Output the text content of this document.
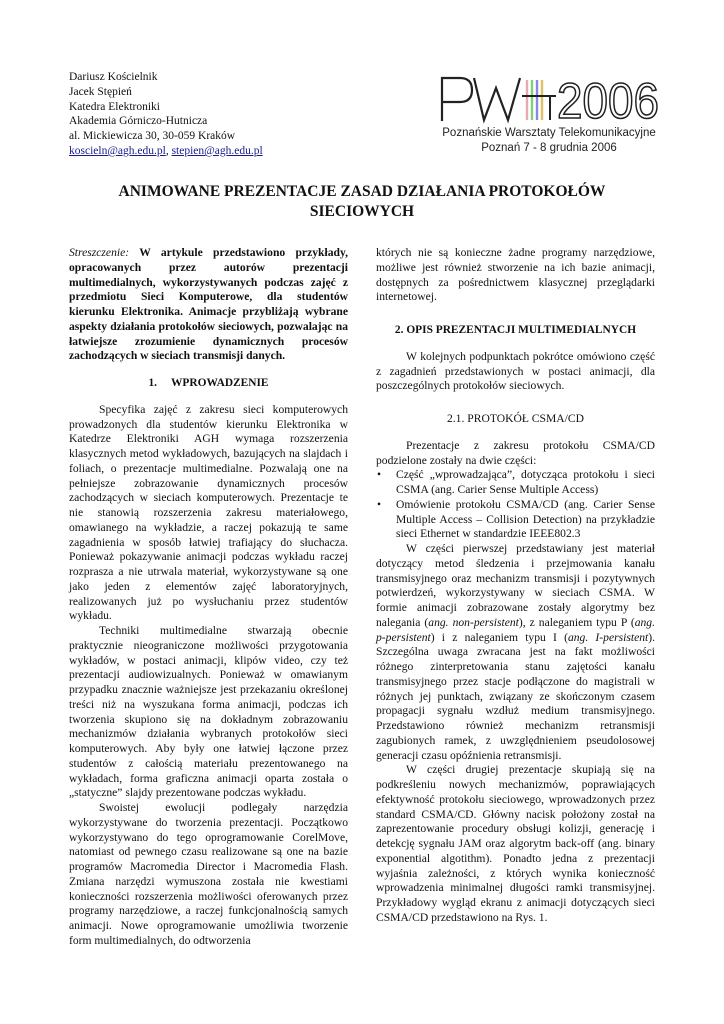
Dariusz Kościelnik
Jacek Stępień
Katedra Elektroniki
Akademia Górniczo-Hutnicza
al. Mickiewicza 30, 30-059 Kraków
koscieln@agh.edu.pl, stepien@agh.edu.pl
2006
Poznańskie Warsztaty Telekomunikacyjne
Poznań 7 - 8 grudnia 2006
ANIMOWANE PREZENTACJE ZASAD DZIAŁANIA PROTOKOŁÓW
SIECIOWYCH

Streszczenie: W artykule przedstawiono przykłady, opracowanych przez autorów prezentacji multimedialnych, wykorzystywanych podczas zajęć z przedmiotu Sieci Komputerowe, dla studentów kierunku Elektronika. Animacje przybliżają wybrane aspekty działania protokołów sieciowych, pozwalając na łatwiejsze zrozumienie dynamicznych procesów zachodzących w sieciach transmisji danych.

1. WPROWADZENIE

Specyfika zajęć z zakresu sieci komputerowych prowadzonych dla studentów kierunku Elektronika w Katedrze Elektroniki AGH wymaga rozszerzenia klasycznych metod wykładowych, bazujących na slajdach i foliach, o prezentacje multimedialne. Pozwalają one na pełniejsze zobrazowanie dynamicznych procesów zachodzących w sieciach komputerowych. Prezentacje te nie stanowią rozszerzenia zakresu materiałowego, omawianego na wykładzie, a raczej pokazują te same zagadnienia w sposób łatwiej trafiający do słuchacza. Ponieważ pokazywanie animacji podczas wykładu raczej rozprasza a nie utrwala materiał, wykorzystywane są one jako jeden z elementów zajęć laboratoryjnych, realizowanych już po wysłuchaniu przez studentów wykładu.

Techniki multimedialne stwarzają obecnie praktycznie nieograniczone możliwości przygotowania wykładów, w postaci animacji, klipów video, czy też prezentacji audiowizualnych. Ponieważ w omawianym przypadku znacznie ważniejsze jest przekazaniu określonej treści niż na wyszukana forma animacji, podczas ich tworzenia skupiono się na dokładnym zobrazowaniu mechanizmów działania wybranych protokołów sieci komputerowych. Aby były one łatwiej łączone przez studentów z całością materiału prezentowanego na wykładach, forma graficzna animacji oparta została o „statyczne” slajdy prezentowane podczas wykładu.

Swoistej ewolucji podlegały narzędzia wykorzystywane do tworzenia prezentacji. Początkowo wykorzystywano do tego oprogramowanie CorelMove, natomiast od pewnego czasu realizowane są one na bazie programów Macromedia Director i Macromedia Flash. Zmiana narzędzi wymuszona została nie kwestiami konieczności rozszerzenia możliwości oferowanych przez programy narzędziowe, a raczej funkcjonalnością samych animacji. Nowe oprogramowanie umożliwia tworzenie form multimedialnych, do odtworzenia

których nie są konieczne żadne programy narzędziowe, możliwe jest również stworzenie na ich bazie animacji, dostępnych za pośrednictwem klasycznej przeglądarki internetowej.

2. OPIS PREZENTACJI MULTIMEDIALNYCH

W kolejnych podpunktach pokrótce omówiono część z zagadnień przedstawionych w postaci animacji, dla poszczególnych protokołów sieciowych.

2.1. PROTOKÓŁ CSMA/CD

Prezentacje z zakresu protokołu CSMA/CD podzielone zostały na dwie części:

• Część „wprowadzająca”, dotycząca protokołu i sieci CSMA (ang. Carier Sense Multiple Access)
• Omówienie protokołu CSMA/CD (ang. Carier Sense Multiple Access – Collision Detection) na przykładzie sieci Ethernet w standardzie IEEE802.3

W części pierwszej przedstawiany jest materiał dotyczący metod śledzenia i przejmowania kanału transmisyjnego oraz mechanizm transmisji i pozytywnych potwierdzeń, wykorzystywany w sieciach CSMA. W formie animacji zobrazowane zostały algorytmy bez nalegania (ang. non-persistent), z naleganiem typu P (ang. p-persistent) i z naleganiem typu I (ang. I-persistent). Szczególna uwaga zwracana jest na fakt możliwości różnego zinterpretowania stanu zajętości kanału transmisyjnego przez stacje podłączone do magistrali w różnych jej punktach, związany ze skończonym czasem propagacji sygnału wzdłuż medium transmisyjnego. Przedstawiono również mechanizm retransmisji zagubionych ramek, z uwzględnieniem pseudolosowej generacji czasu opóźnienia retransmisji.

W części drugiej prezentacje skupiają się na podkreśleniu nowych mechanizmów, poprawiających efektywność protokołu sieciowego, wprowadzonych przez standard CSMA/CD. Główny nacisk położony został na zaprezentowanie procedury obsługi kolizji, generację i detekcję sygnału JAM oraz algorytm back-off (ang. binary exponential algotithm). Ponadto jedna z prezentacji wyjaśnia zależności, z których wynika konieczność wprowadzenia minimalnej długości ramki transmisyjnej. Przykładowy wygląd ekranu z animacji dotyczących sieci CSMA/CD przedstawiono na Rys. 1.
